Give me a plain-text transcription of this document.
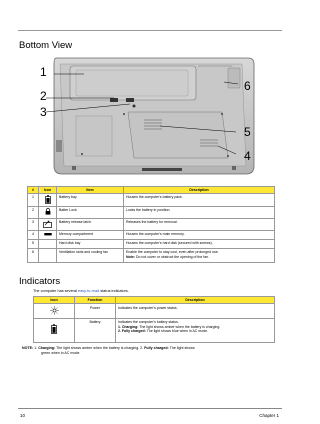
Bottom View
1
2
3
6
5
4
#	Icon	Item	Description
1		Battery bay	Houses the computer's battery pack.
2		Batter Lock	Locks the battery in position.
3		Battery release latch	Releases the battery for removal.
4		Memory compartment	Houses the computer's main memory.
5		Hard disk bay	Houses the computer's hard disk (secured with screws).
6		Ventilation slots and cooling fan	Enable the computer to stay cool, even after prolonged use.
Note: Do not cover or obstruct the opening of the fan.
Indicators
The computer has several easy-to-read status indicators.
Icon	Function	Description
	Power	Indicates the computer's power status.
	Battery	Indicates the computer's battery status.
1. Charging: The light shows amber when the battery is charging.
2. Fully charged: The light shows blue when in AC mode.
NOTE: 1. Charging: The light shows amber when the battery is charging. 2. Fully charged: The light shows
green when in AC mode.
10	Chapter 1
